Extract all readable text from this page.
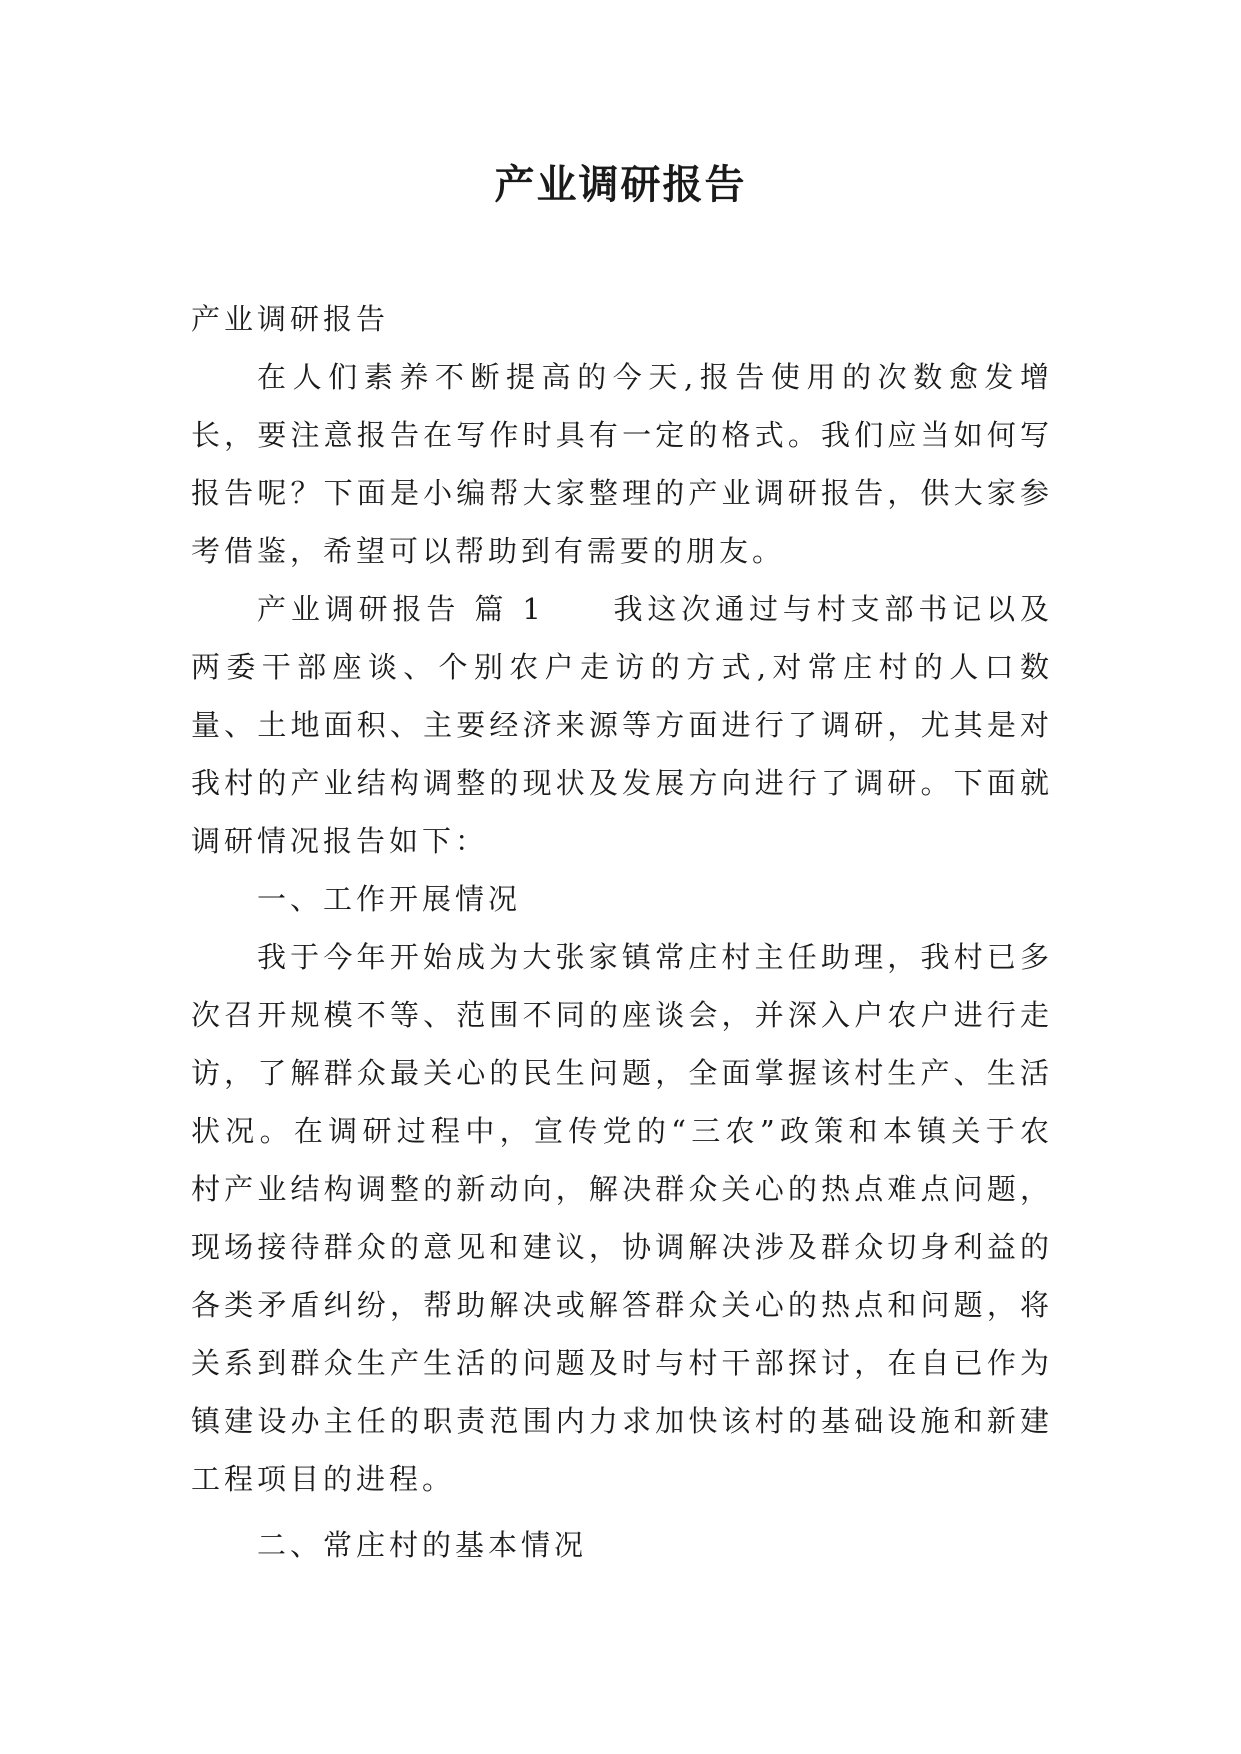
产业调研报告

产业调研报告

在人们素养不断提高的今天,报告使用的次数愈发增长，要注意报告在写作时具有一定的格式。我们应当如何写报告呢？下面是小编帮大家整理的产业调研报告，供大家参考借鉴，希望可以帮助到有需要的朋友。

产业调研报告 篇 1　　我这次通过与村支部书记以及两委干部座谈、个别农户走访的方式,对常庄村的人口数量、土地面积、主要经济来源等方面进行了调研，尤其是对我村的产业结构调整的现状及发展方向进行了调研。下面就调研情况报告如下：

一、工作开展情况

我于今年开始成为大张家镇常庄村主任助理，我村已多次召开规模不等、范围不同的座谈会，并深入户农户进行走访，了解群众最关心的民生问题，全面掌握该村生产、生活状况。在调研过程中，宣传党的“三农”政策和本镇关于农村产业结构调整的新动向，解决群众关心的热点难点问题，现场接待群众的意见和建议，协调解决涉及群众切身利益的各类矛盾纠纷，帮助解决或解答群众关心的热点和问题，将关系到群众生产生活的问题及时与村干部探讨，在自已作为镇建设办主任的职责范围内力求加快该村的基础设施和新建工程项目的进程。

二、常庄村的基本情况
